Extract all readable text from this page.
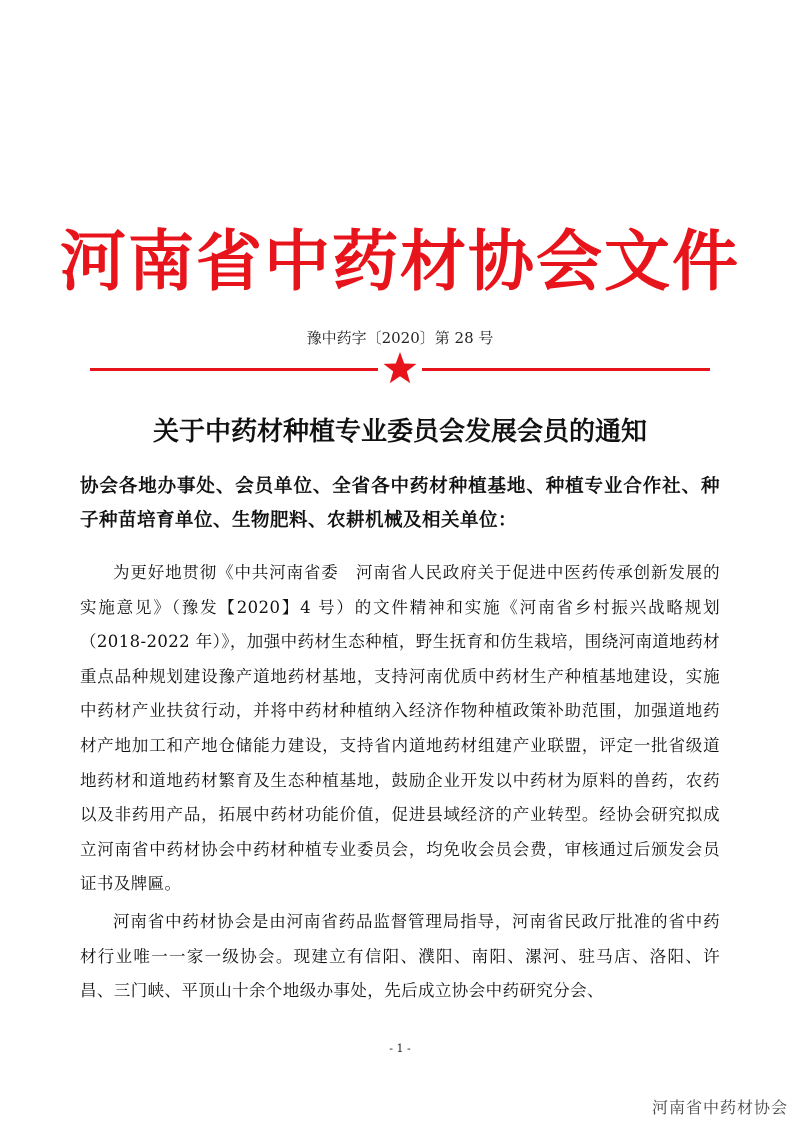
河南省中药材协会文件
豫中药字〔2020〕第 28 号
关于中药材种植专业委员会发展会员的通知
协会各地办事处、会员单位、全省各中药材种植基地、种植专业合作社、种子种苗培育单位、生物肥料、农耕机械及相关单位：

为更好地贯彻《中共河南省委　河南省人民政府关于促进中医药传承创新发展的实施意见》（豫发【2020】4 号）的文件精神和实施《河南省乡村振兴战略规划（2018-2022 年）》，加强中药材生态种植，野生抚育和仿生栽培，围绕河南道地药材重点品种规划建设豫产道地药材基地，支持河南优质中药材生产种植基地建设，实施中药材产业扶贫行动，并将中药材种植纳入经济作物种植政策补助范围，加强道地药材产地加工和产地仓储能力建设，支持省内道地药材组建产业联盟，评定一批省级道地药材和道地药材繁育及生态种植基地，鼓励企业开发以中药材为原料的兽药，农药以及非药用产品，拓展中药材功能价值，促进县域经济的产业转型。经协会研究拟成立河南省中药材协会中药材种植专业委员会，均免收会员会费，审核通过后颁发会员证书及牌匾。

河南省中药材协会是由河南省药品监督管理局指导，河南省民政厅批准的省中药材行业唯一一家一级协会。现建立有信阳、濮阳、南阳、漯河、驻马店、洛阳、许昌、三门峡、平顶山十余个地级办事处，先后成立协会中药研究分会、

- 1 -
河南省中药材协会
